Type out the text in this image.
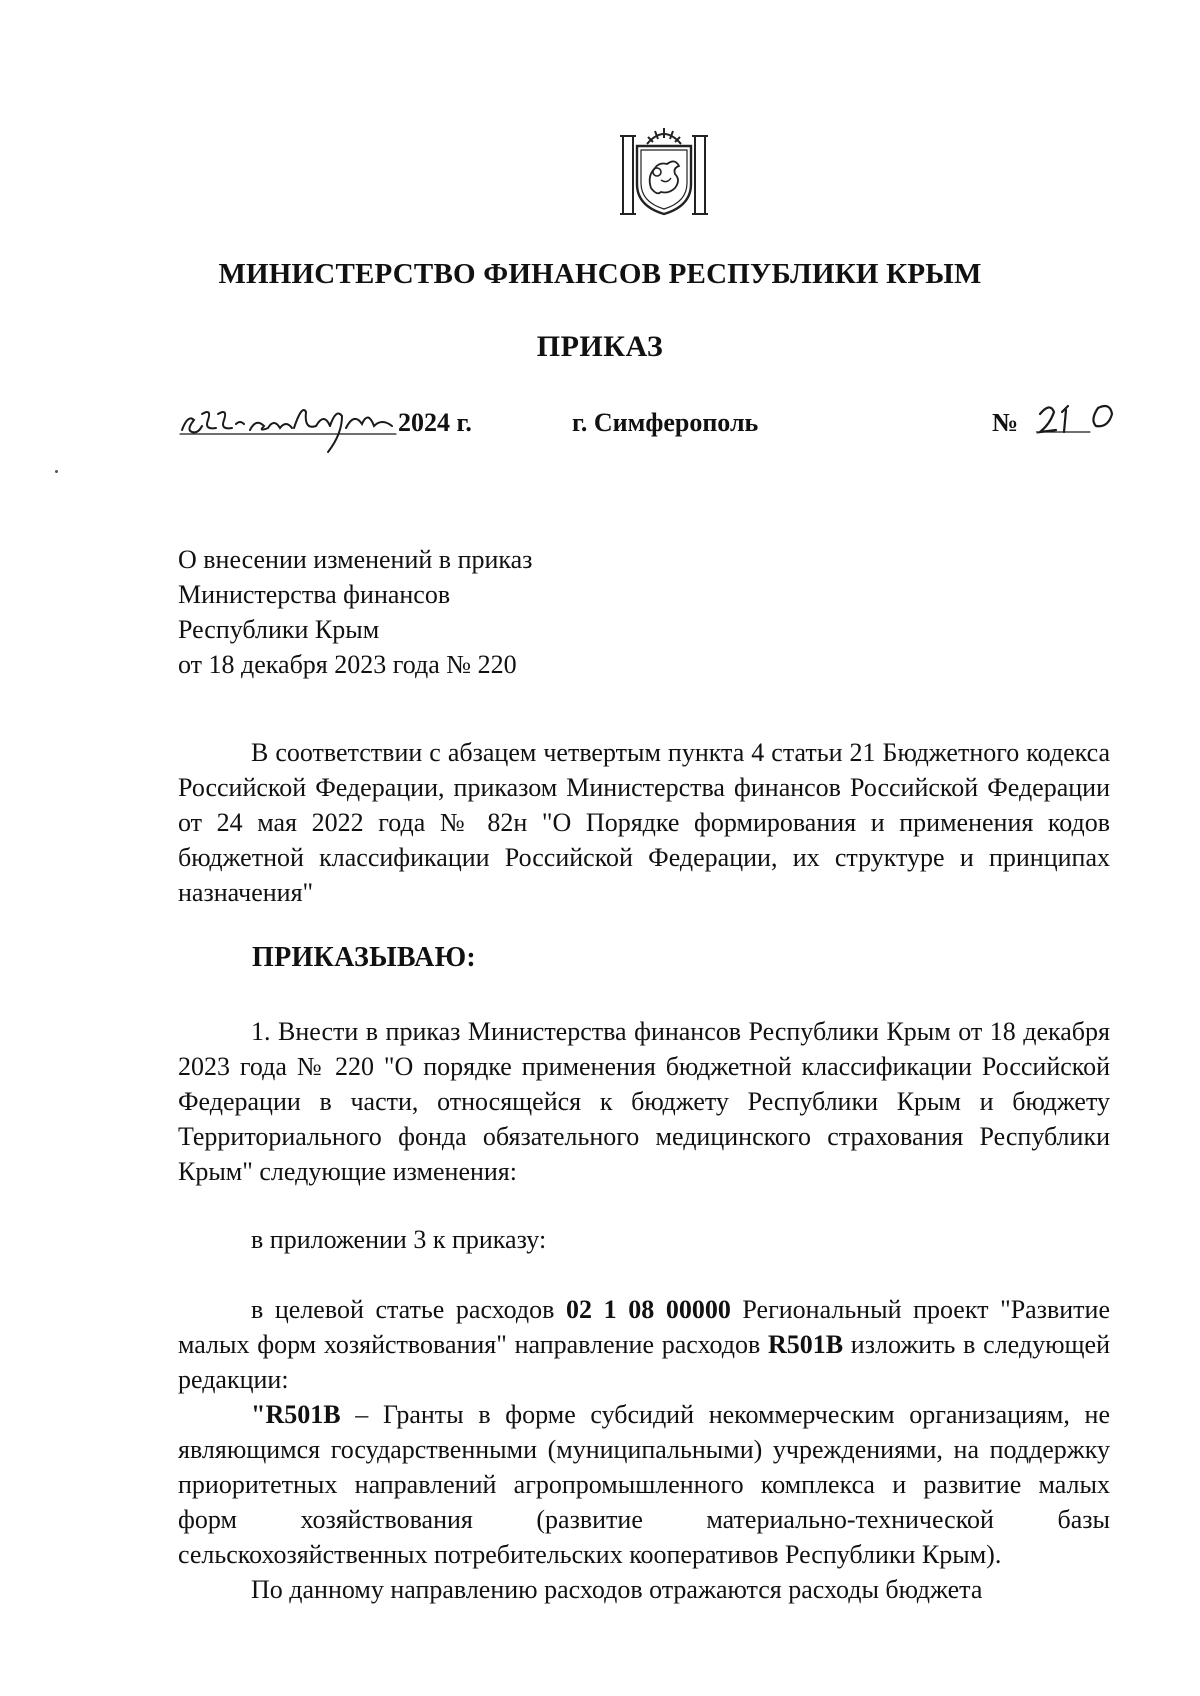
МИНИСТЕРСТВО ФИНАНСОВ РЕСПУБЛИКИ КРЫМ
ПРИКАЗ
2024 г.	г. Симферополь	№
О внесении изменений в приказ
Министерства финансов
Республики Крым
от 18 декабря 2023 года № 220
В соответствии с абзацем четвертым пункта 4 статьи 21 Бюджетного кодекса Российской Федерации, приказом Министерства финансов Российской Федерации от 24 мая 2022 года № 82н "О Порядке формирования и применения кодов бюджетной классификации Российской Федерации, их структуре и принципах назначения"
ПРИКАЗЫВАЮ:
1. Внести в приказ Министерства финансов Республики Крым от 18 декабря 2023 года № 220 "О порядке применения бюджетной классификации Российской Федерации в части, относящейся к бюджету Республики Крым и бюджету Территориального фонда обязательного медицинского страхования Республики Крым" следующие изменения:
в приложении 3 к приказу:
в целевой статье расходов 02 1 08 00000 Региональный проект "Развитие малых форм хозяйствования" направление расходов R501B изложить в следующей редакции:
"R501B – Гранты в форме субсидий некоммерческим организациям, не являющимся государственными (муниципальными) учреждениями, на поддержку приоритетных направлений агропромышленного комплекса и развитие малых форм хозяйствования (развитие материально-технической базы сельскохозяйственных потребительских кооперативов Республики Крым).
По данному направлению расходов отражаются расходы бюджета
